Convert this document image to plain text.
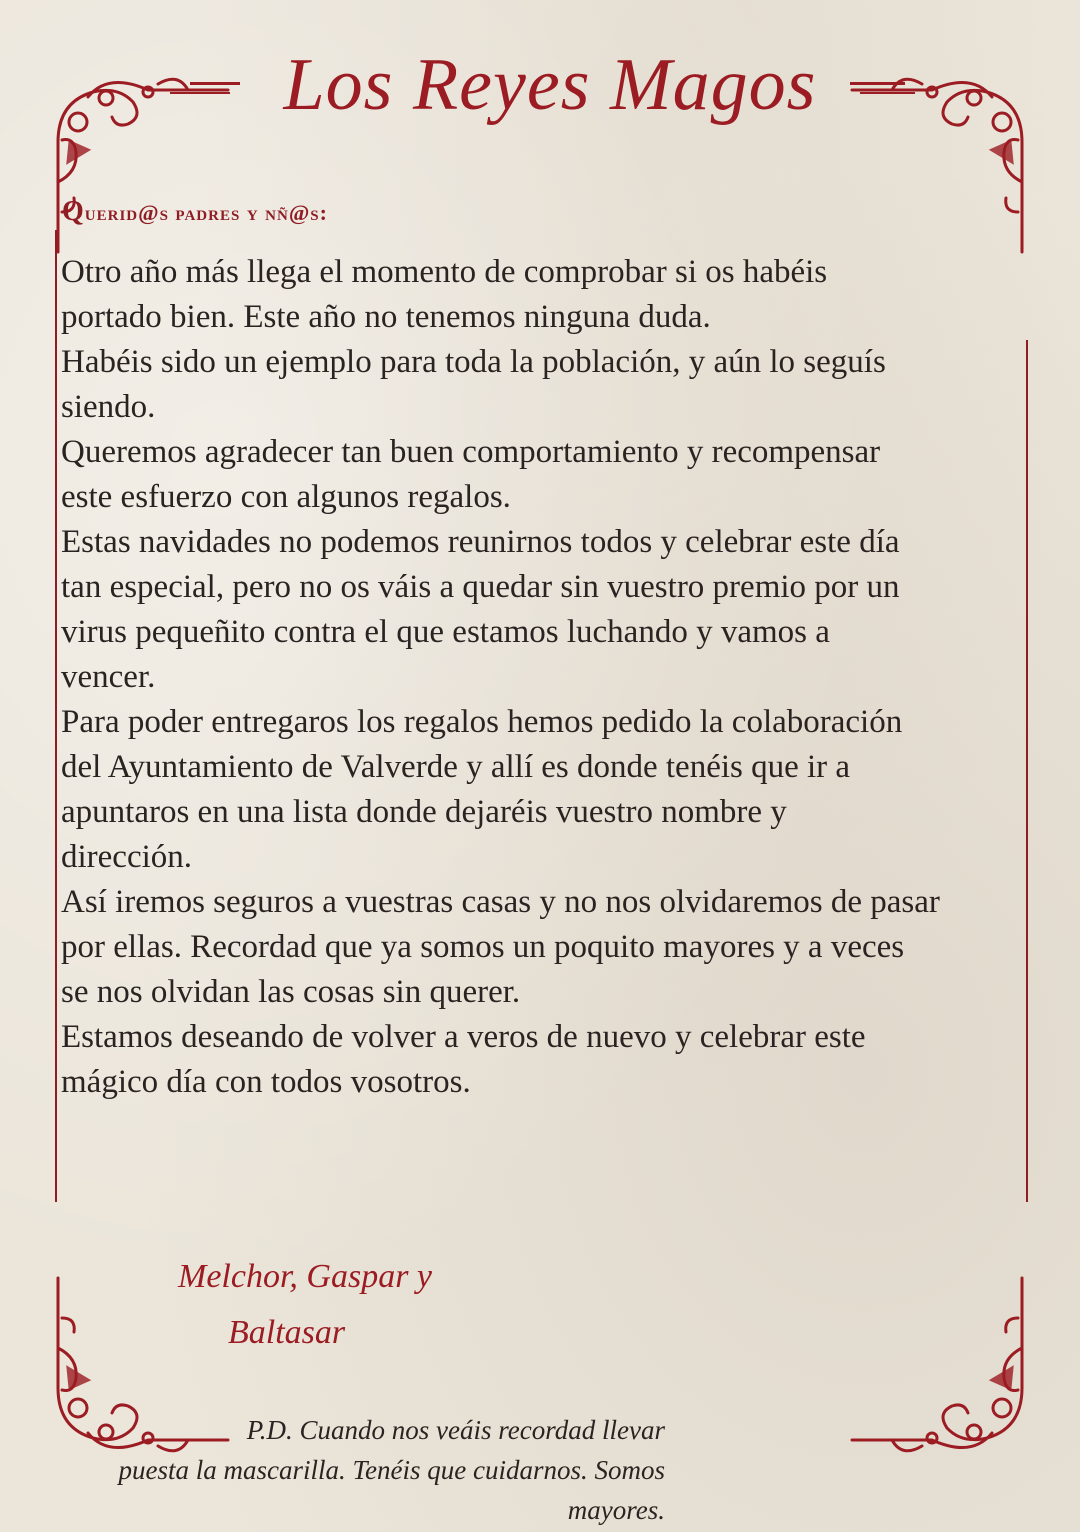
Los Reyes Magos
Querid@s padres y nñ@s:

Otro año más llega el momento de comprobar si os habéis

portado bien. Este año no tenemos ninguna duda.

Habéis sido un ejemplo para toda la población, y aún lo seguís

siendo.

Queremos agradecer tan buen comportamiento y recompensar

este esfuerzo con algunos regalos.

Estas navidades no podemos reunirnos todos y celebrar este día

tan especial, pero no os váis a quedar sin vuestro premio por un

virus pequeñito contra el que estamos luchando y vamos a

vencer.

Para poder entregaros los regalos hemos pedido la colaboración

del Ayuntamiento de Valverde y allí es donde tenéis que ir a

apuntaros en una lista donde dejaréis vuestro nombre y

dirección.

Así iremos seguros a vuestras casas y no nos olvidaremos de pasar

por ellas. Recordad que ya somos un poquito mayores y a veces

se nos olvidan las cosas sin querer.

Estamos deseando de volver a veros de nuevo y celebrar este

mágico día con todos vosotros.

Melchor, Gaspar y
Baltasar

P.D. Cuando nos veáis recordad llevar

puesta la mascarilla. Tenéis que cuidarnos. Somos

mayores.
